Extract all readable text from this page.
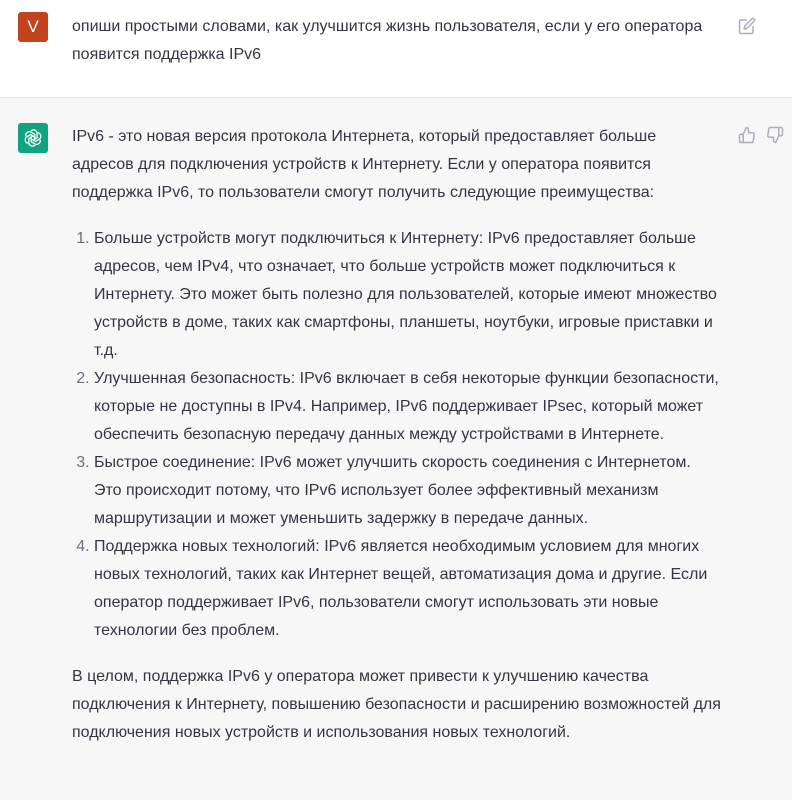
V	опиши простыми словами, как улучшится жизнь пользователя, если у его оператора появится поддержка IPv6

IPv6 - это новая версия протокола Интернета, который предоставляет больше адресов для подключения устройств к Интернету. Если у оператора появится поддержка IPv6, то пользователи смогут получить следующие преимущества:

1. Больше устройств могут подключиться к Интернету: IPv6 предоставляет больше адресов, чем IPv4, что означает, что больше устройств может подключиться к Интернету. Это может быть полезно для пользователей, которые имеют множество устройств в доме, таких как смартфоны, планшеты, ноутбуки, игровые приставки и т.д.
2. Улучшенная безопасность: IPv6 включает в себя некоторые функции безопасности, которые не доступны в IPv4. Например, IPv6 поддерживает IPsec, который может обеспечить безопасную передачу данных между устройствами в Интернете.
3. Быстрое соединение: IPv6 может улучшить скорость соединения с Интернетом. Это происходит потому, что IPv6 использует более эффективный механизм маршрутизации и может уменьшить задержку в передаче данных.
4. Поддержка новых технологий: IPv6 является необходимым условием для многих новых технологий, таких как Интернет вещей, автоматизация дома и другие. Если оператор поддерживает IPv6, пользователи смогут использовать эти новые технологии без проблем.

В целом, поддержка IPv6 у оператора может привести к улучшению качества подключения к Интернету, повышению безопасности и расширению возможностей для подключения новых устройств и использования новых технологий.
